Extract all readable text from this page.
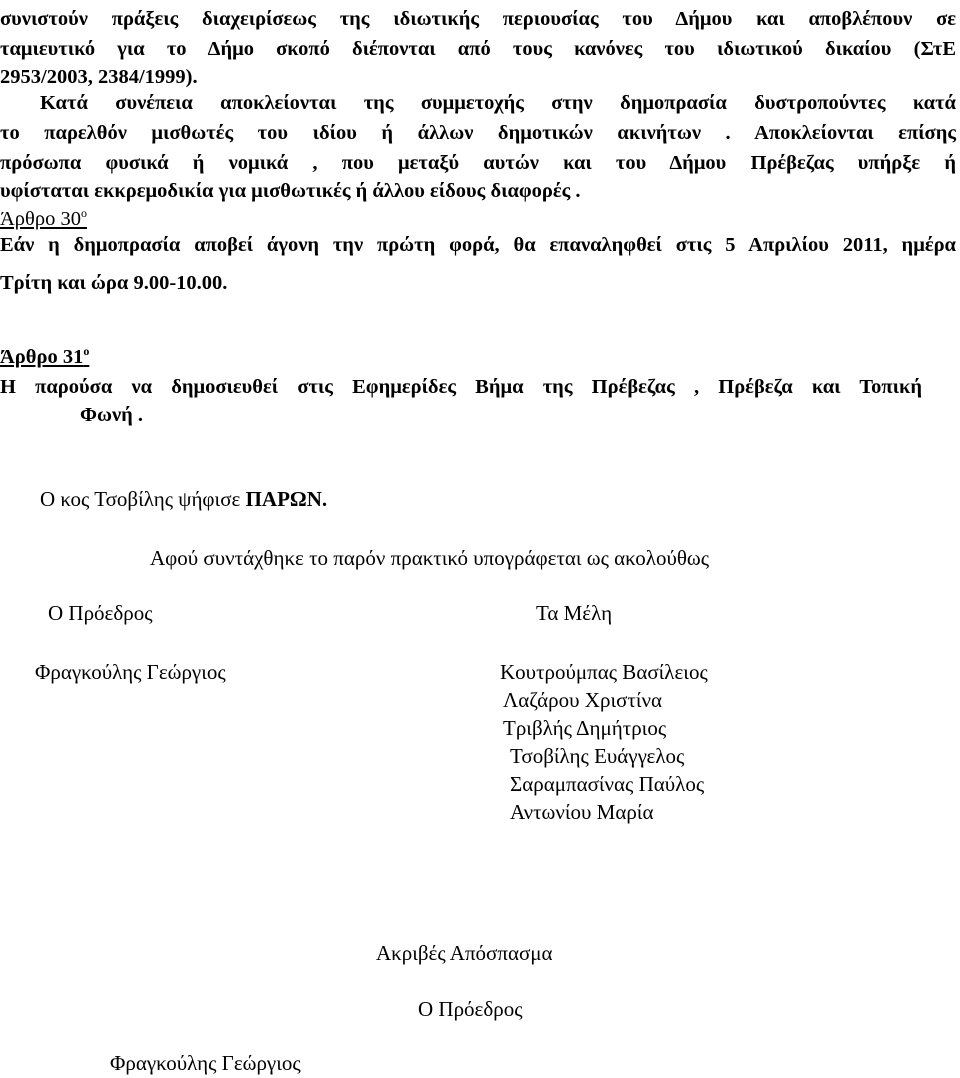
συνιστούν πράξεις διαχειρίσεως της ιδιωτικής περιουσίας του Δήμου και αποβλέπουν σε
ταμιευτικό για το Δήμο σκοπό διέπονται από τους κανόνες του ιδιωτικού δικαίου (ΣτΕ
2953/2003, 2384/1999).
Κατά συνέπεια αποκλείονται της συμμετοχής στην δημοπρασία δυστροπούντες κατά
το παρελθόν μισθωτές του ιδίου ή άλλων δημοτικών ακινήτων . Αποκλείονται επίσης
πρόσωπα φυσικά ή νομικά , που μεταξύ αυτών και του Δήμου Πρέβεζας υπήρξε ή
υφίσταται εκκρεμοδικία για μισθωτικές ή άλλου είδους διαφορές .
Άρθρο $30^o$
Εάν η δημοπρασία αποβεί άγονη την πρώτη φορά, θα επαναληφθεί στις 5 Απριλίου 2011, ημέρα
Τρίτη και ώρα 9.00-10.00.
Άρθρο $31^o$
Η παρούσα να δημοσιευθεί στις Εφημερίδες Βήμα της Πρέβεζας , Πρέβεζα και Τοπική
Φωνή .
Ο κος Τσοβίλης ψήφισε ΠΑΡΩΝ.
Αφού συντάχθηκε το παρόν πρακτικό υπογράφεται ως ακολούθως
Ο Πρόεδρος	Τα Μέλη
Φραγκούλης Γεώργιος	Κουτρούμπας Βασίλειος
Λαζάρου Χριστίνα
Τριβλής Δημήτριος
Τσοβίλης Ευάγγελος
Σαραμπασίνας Παύλος
Αντωνίου Μαρία
Ακριβές Απόσπασμα
Ο Πρόεδρος
Φραγκούλης Γεώργιος
